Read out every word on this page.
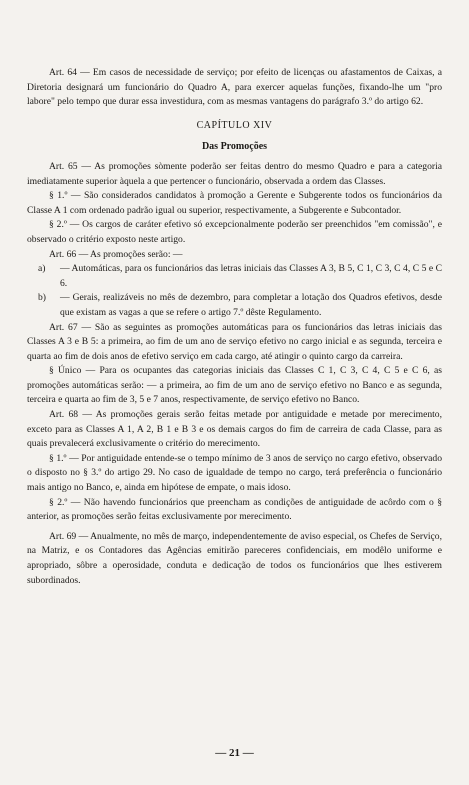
Art. 64 — Em casos de necessidade de serviço; por efeito de licenças ou afastamentos de Caixas, a Diretoria designará um funcionário do Quadro A, para exercer aquelas funções, fixando-lhe um "pro labore" pelo tempo que durar essa investidura, com as mesmas vantagens do parágrafo 3.º do artigo 62.

CAPÍTULO XIV

Das Promoções

Art. 65 — As promoções sòmente poderão ser feitas dentro do mesmo Quadro e para a categoria imediatamente superior àquela a que pertencer o funcionário, observada a ordem das Classes.

§ 1.º — São considerados candidatos à promoção a Gerente e Subgerente todos os funcionários da Classe A 1 com ordenado padrão igual ou superior, respectivamente, a Subgerente e Subcontador.

§ 2.º — Os cargos de caráter efetivo só excepcionalmente poderão ser preenchidos "em comissão", e observado o critério exposto neste artigo.

Art. 66 — As promoções serão: —

a)	— Automáticas, para os funcionários das letras iniciais das Classes A 3, B 5, C 1, C 3, C 4, C 5 e C 6.
b)	— Gerais, realizáveis no mês de dezembro, para completar a lotação dos Quadros efetivos, desde que existam as vagas a que se refere o artigo 7.º dêste Regulamento.

Art. 67 — São as seguintes as promoções automáticas para os funcionários das letras iniciais das Classes A 3 e B 5: a primeira, ao fim de um ano de serviço efetivo no cargo inicial e as segunda, terceira e quarta ao fim de dois anos de efetivo serviço em cada cargo, até atingir o quinto cargo da carreira.

§ Único — Para os ocupantes das categorias iniciais das Classes C 1, C 3, C 4, C 5 e C 6, as promoções automáticas serão: — a primeira, ao fim de um ano de serviço efetivo no Banco e as segunda, terceira e quarta ao fim de 3, 5 e 7 anos, respectivamente, de serviço efetivo no Banco.

Art. 68 — As promoções gerais serão feitas metade por antiguidade e metade por merecimento, exceto para as Classes A 1, A 2, B 1 e B 3 e os demais cargos do fim de carreira de cada Classe, para as quais prevalecerá exclusivamente o critério do merecimento.

§ 1.º — Por antiguidade entende-se o tempo mínimo de 3 anos de serviço no cargo efetivo, observado o disposto no § 3.º do artigo 29. No caso de igualdade de tempo no cargo, terá preferência o funcionário mais antigo no Banco, e, ainda em hipótese de empate, o mais idoso.

§ 2.º — Não havendo funcionários que preencham as condições de antiguidade de acôrdo com o § anterior, as promoções serão feitas exclusivamente por merecimento.

Art. 69 — Anualmente, no mês de março, independentemente de aviso especial, os Chefes de Serviço, na Matriz, e os Contadores das Agências emitirão pareceres confidenciais, em modêlo uniforme e apropriado, sôbre a operosidade, conduta e dedicação de todos os funcionários que lhes estiverem subordinados.

— 21 —
